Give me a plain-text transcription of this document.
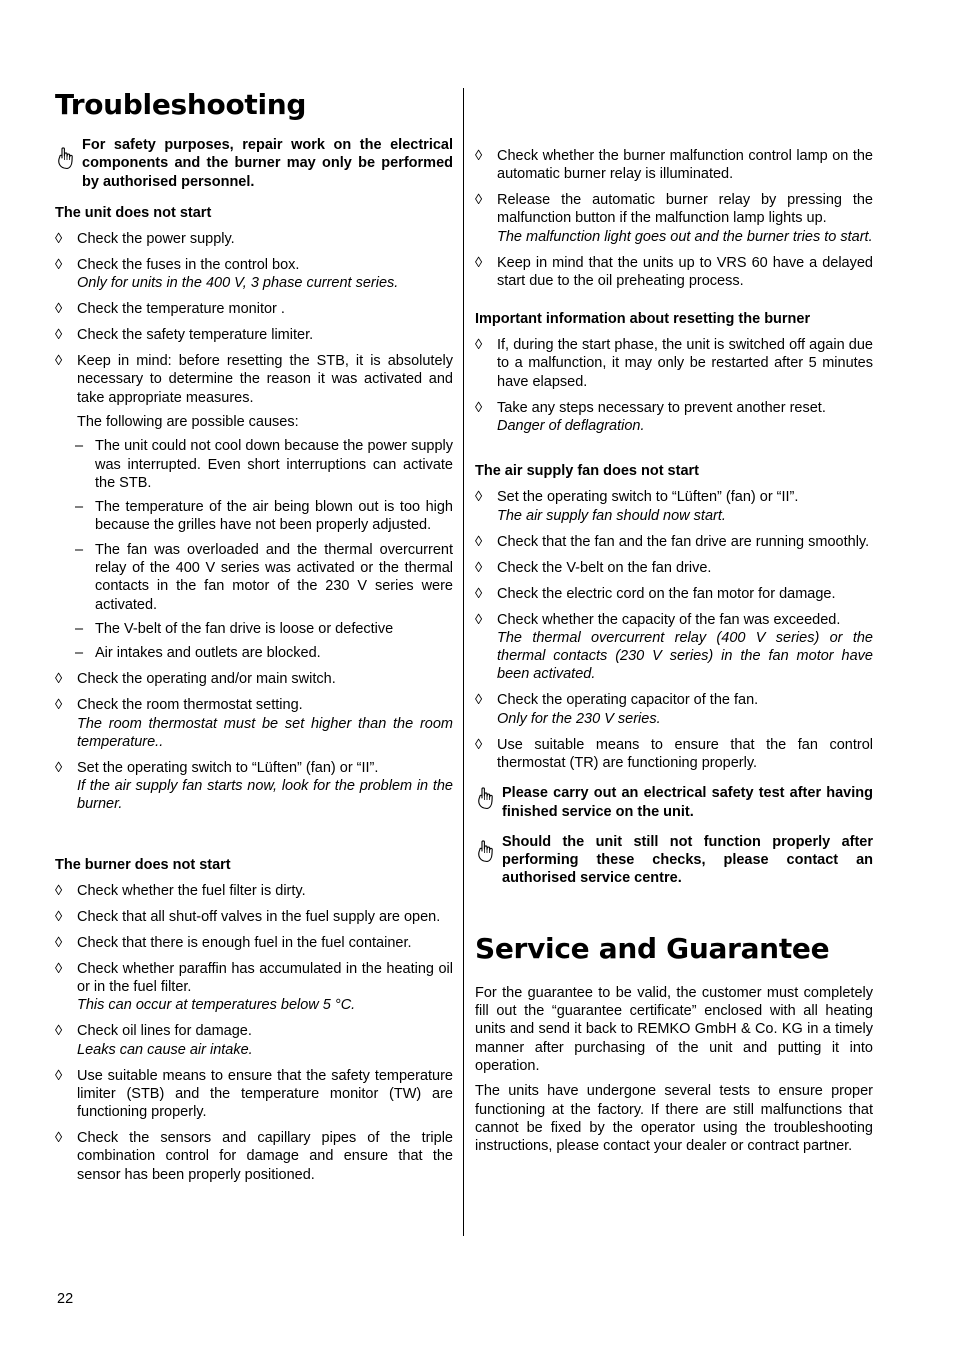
Troubleshooting
For safety purposes, repair work on the electrical components and the burner may only be performed by authorised personnel.
The unit does not start
◊ Check the power supply.
◊ Check the fuses in the control box.
Only for units in the 400 V, 3 phase current series.
◊ Check the temperature monitor .
◊ Check the safety temperature limiter.
◊ Keep in mind: before resetting the STB, it is absolutely necessary to determine the reason it was activated and take appropriate measures.
The following are possible causes:
– The unit could not cool down because the power supply was interrupted. Even short interruptions can activate the STB.
– The temperature of the air being blown out is too high because the grilles have not been properly adjusted.
– The fan was overloaded and the thermal overcurrent relay of the 400 V series was activated or the thermal contacts in the fan motor of the 230 V series were activated.
– The V-belt of the fan drive is loose or defective
– Air intakes and outlets are blocked.
◊ Check the operating and/or main switch.
◊ Check the room thermostat setting.
The room thermostat must be set higher than the room temperature..
◊ Set the operating switch to “Lüften” (fan) or “II”.
If the air supply fan starts now, look for the problem in the burner.
The burner does not start
◊ Check whether the fuel filter is dirty.
◊ Check that all shut-off valves in the fuel supply are open.
◊ Check that there is enough fuel in the fuel container.
◊ Check whether paraffin has accumulated in the heating oil or in the fuel filter.
This can occur at temperatures below 5 °C.
◊ Check oil lines for damage.
Leaks can cause air intake.
◊ Use suitable means to ensure that the safety temperature limiter (STB) and the temperature monitor (TW) are functioning properly.
◊ Check the sensors and capillary pipes of the triple combination control for damage and ensure that the sensor has been properly positioned.
◊ Check whether the burner malfunction control lamp on the automatic burner relay is illuminated.
◊ Release the automatic burner relay by pressing the malfunction button if the malfunction lamp lights up.
The malfunction light goes out and the burner tries to start.
◊ Keep in mind that the units up to VRS 60 have a delayed start due to the oil preheating process.
Important information about resetting the burner
◊ If, during the start phase, the unit is switched off again due to a malfunction, it may only be restarted after 5 minutes have elapsed.
◊ Take any steps necessary to prevent another reset.
Danger of deflagration.
The air supply fan does not start
◊ Set the operating switch to “Lüften” (fan) or “II”.
The air supply fan should now start.
◊ Check that the fan and the fan drive are running smoothly.
◊ Check the V-belt on the fan drive.
◊ Check the electric cord on the fan motor for damage.
◊ Check whether the capacity of the fan was exceeded.
The thermal overcurrent relay (400 V series) or the thermal contacts (230 V series) in the fan motor have been activated.
◊ Check the operating capacitor of the fan.
Only for the 230 V series.
◊ Use suitable means to ensure that the fan control thermostat (TR) are functioning properly.
Please carry out an electrical safety test after having finished service on the unit.
Should the unit still not function properly after performing these checks, please contact an authorised service centre.
Service and Guarantee
For the guarantee to be valid, the customer must completely fill out the “guarantee certificate” enclosed with all heating units and send it back to REMKO GmbH & Co. KG in a timely manner after purchasing of the unit and putting it into operation.
The units have undergone several tests to ensure proper functioning at the factory. If there are still malfunctions that cannot be fixed by the operator using the troubleshooting instructions, please contact your dealer or contract partner.
22
